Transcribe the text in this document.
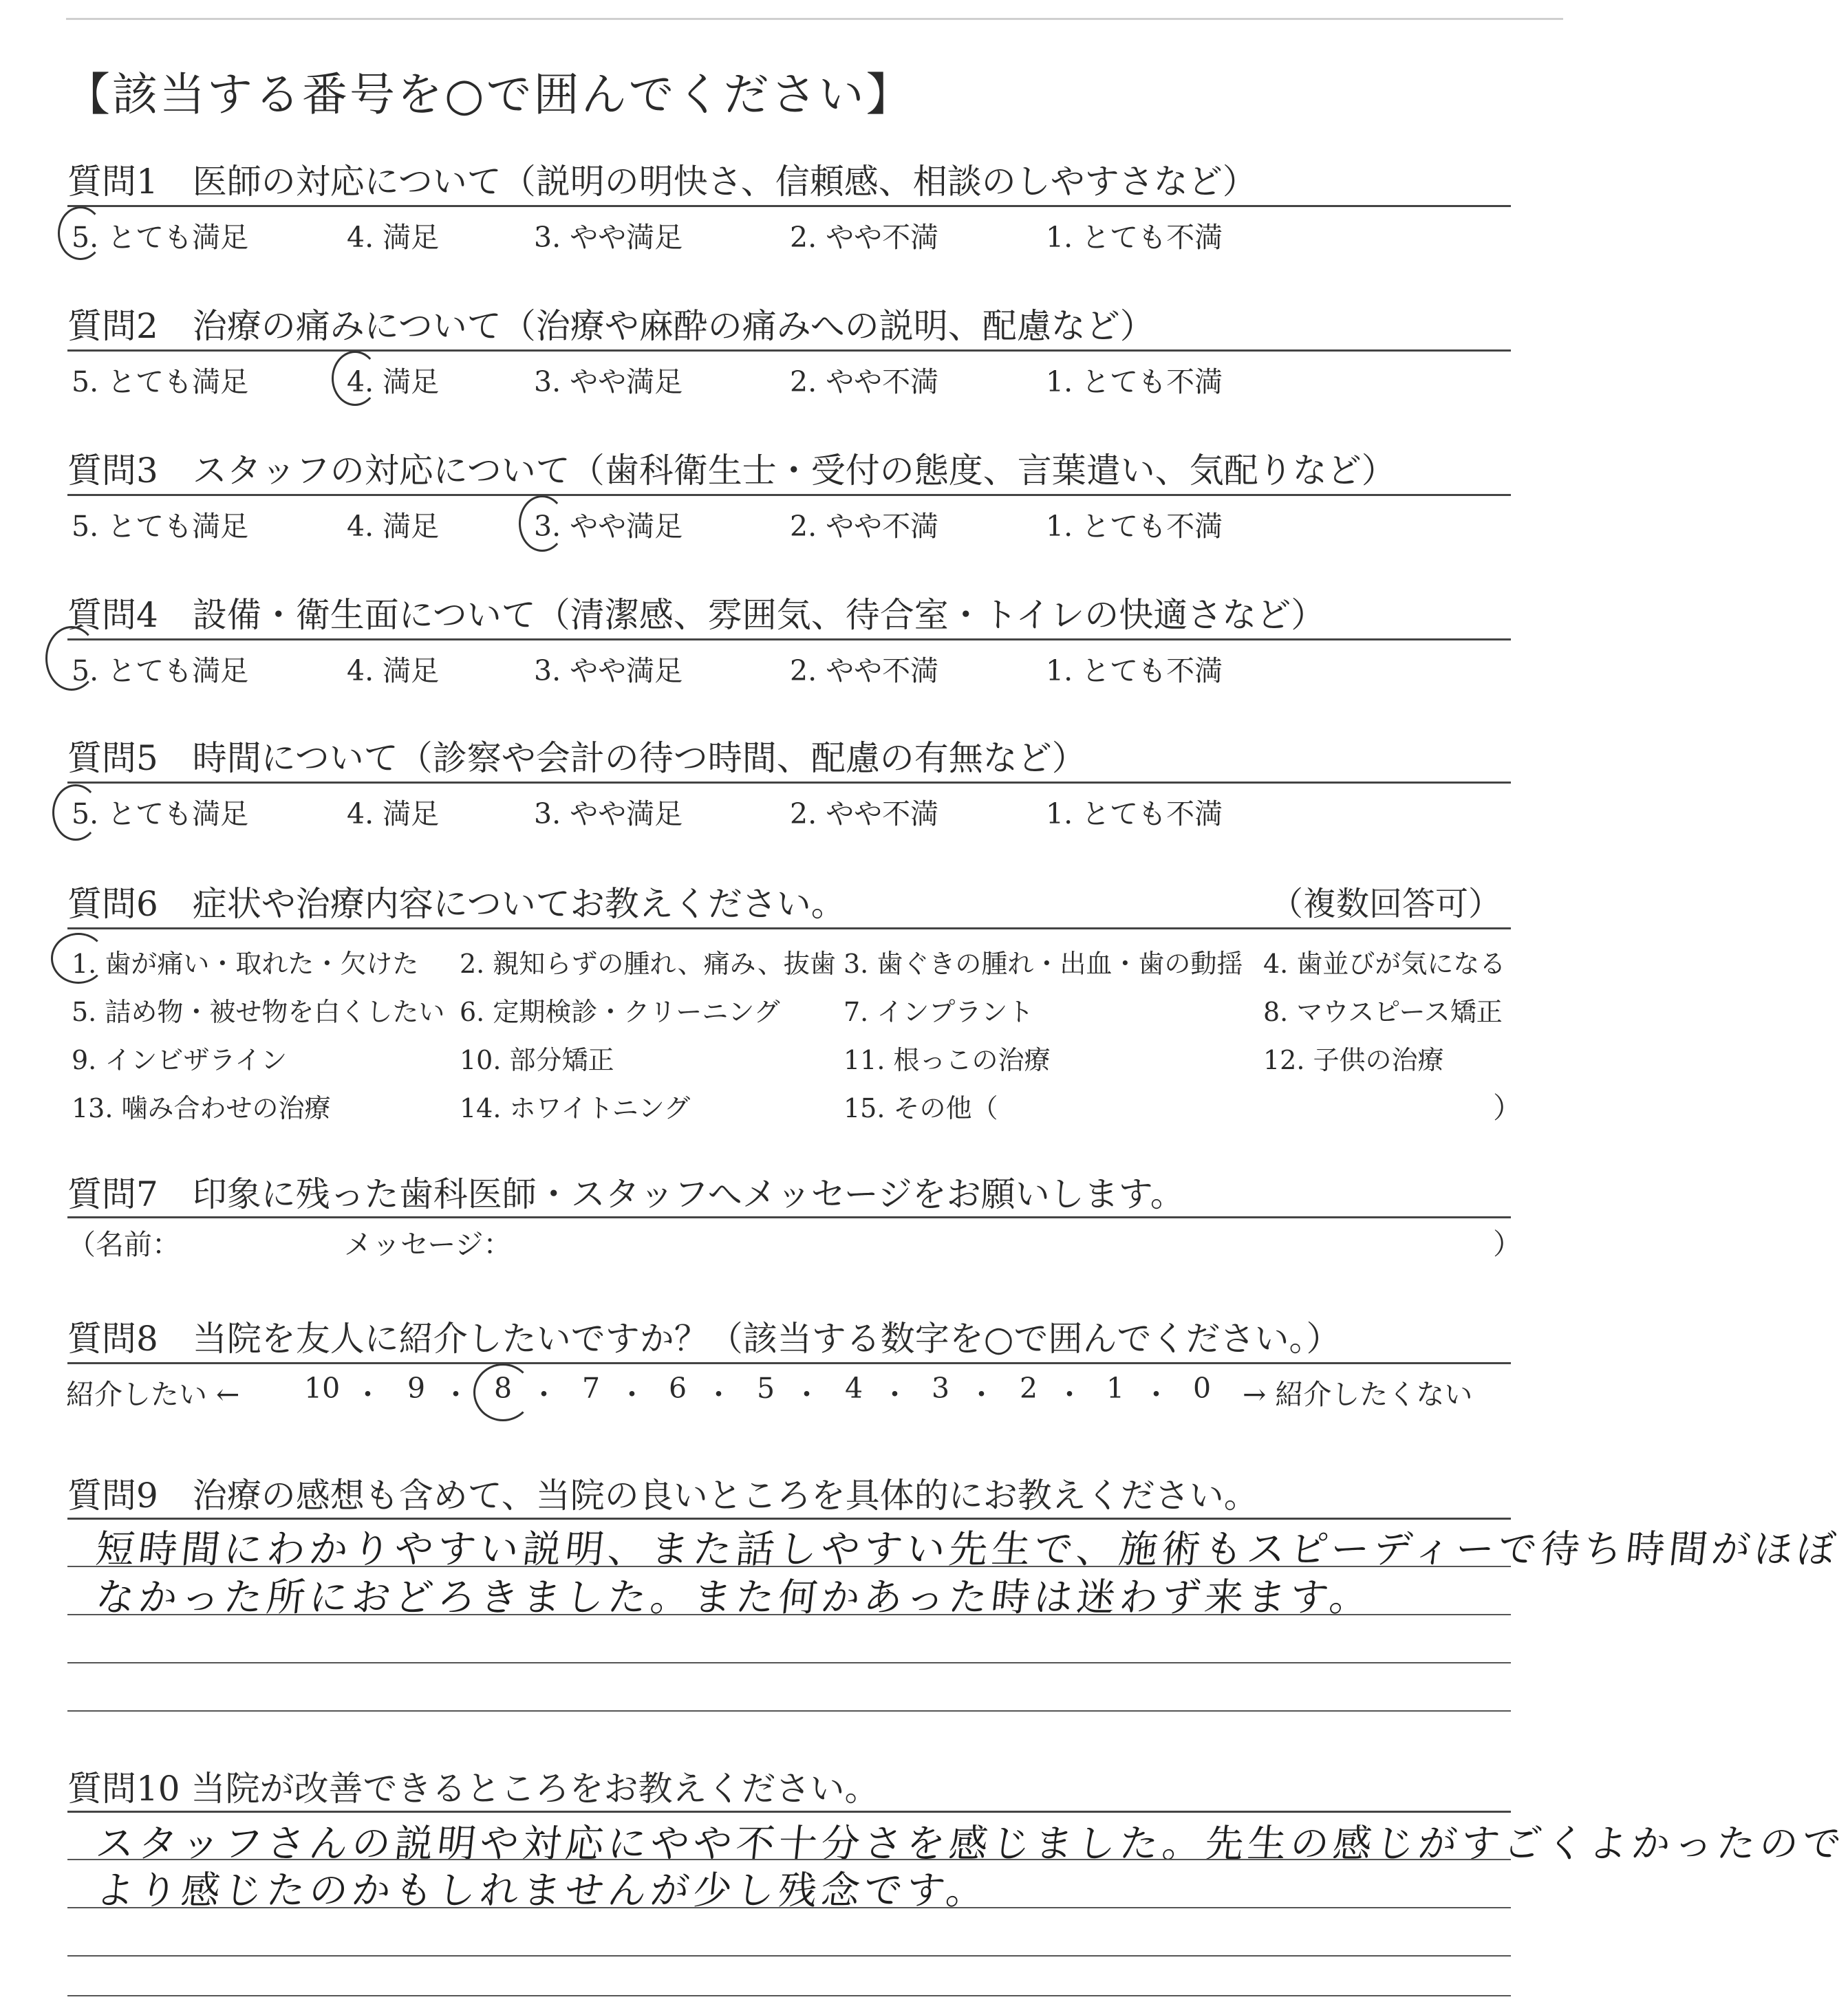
【該当する番号を○で囲んでください】
質問1　医師の対応について（説明の明快さ、信頼感、相談のしやすさなど）
5. とても満足	4. 満足	3. やや満足	2. やや不満	1. とても不満
質問2　治療の痛みについて（治療や麻酔の痛みへの説明、配慮など）
5. とても満足	4. 満足	3. やや満足	2. やや不満	1. とても不満
質問3　スタッフの対応について（歯科衛生士・受付の態度、言葉遣い、気配りなど）
5. とても満足	4. 満足	3. やや満足	2. やや不満	1. とても不満
質問4　設備・衛生面について（清潔感、雰囲気、待合室・トイレの快適さなど）
5. とても満足	4. 満足	3. やや満足	2. やや不満	1. とても不満
質問5　時間について（診察や会計の待つ時間、配慮の有無など）
5. とても満足	4. 満足	3. やや満足	2. やや不満	1. とても不満
質問6　症状や治療内容についてお教えください。	（複数回答可）
1. 歯が痛い・取れた・欠けた 2. 親知らずの腫れ、痛み、抜歯 3. 歯ぐきの腫れ・出血・歯の動揺 4. 歯並びが気になる
5. 詰め物・被せ物を白くしたい 6. 定期検診・クリーニング 7. インプラント	8. マウスピース矯正
9. インビザライン	10. 部分矯正	11. 根っこの治療	12. 子供の治療
13. 噛み合わせの治療	14. ホワイトニング	15. その他（	）
質問7　印象に残った歯科医師・スタッフへメッセージをお願いします。
（名前：	メッセージ：	）
質問8　当院を友人に紹介したいですか？（該当する数字を○で囲んでください。）
紹介したい ← 10 ・ 9 ・ 8 ・ 7 ・ 6 ・ 5 ・ 4 ・ 3 ・ 2 ・ 1 ・ 0 → 紹介したくない
質問9　治療の感想も含めて、当院の良いところを具体的にお教えください。
短時間にわかりやすい説明、また話しやすい先生で、施術もスピーディーで待ち時間がほぼ
なかった所におどろきました。また何かあった時は迷わず来ます。
質問10 当院が改善できるところをお教えください。
スタッフさんの説明や対応にやや不十分さを感じました。先生の感じがすごくよかったので
より感じたのかもしれませんが少し残念です。
